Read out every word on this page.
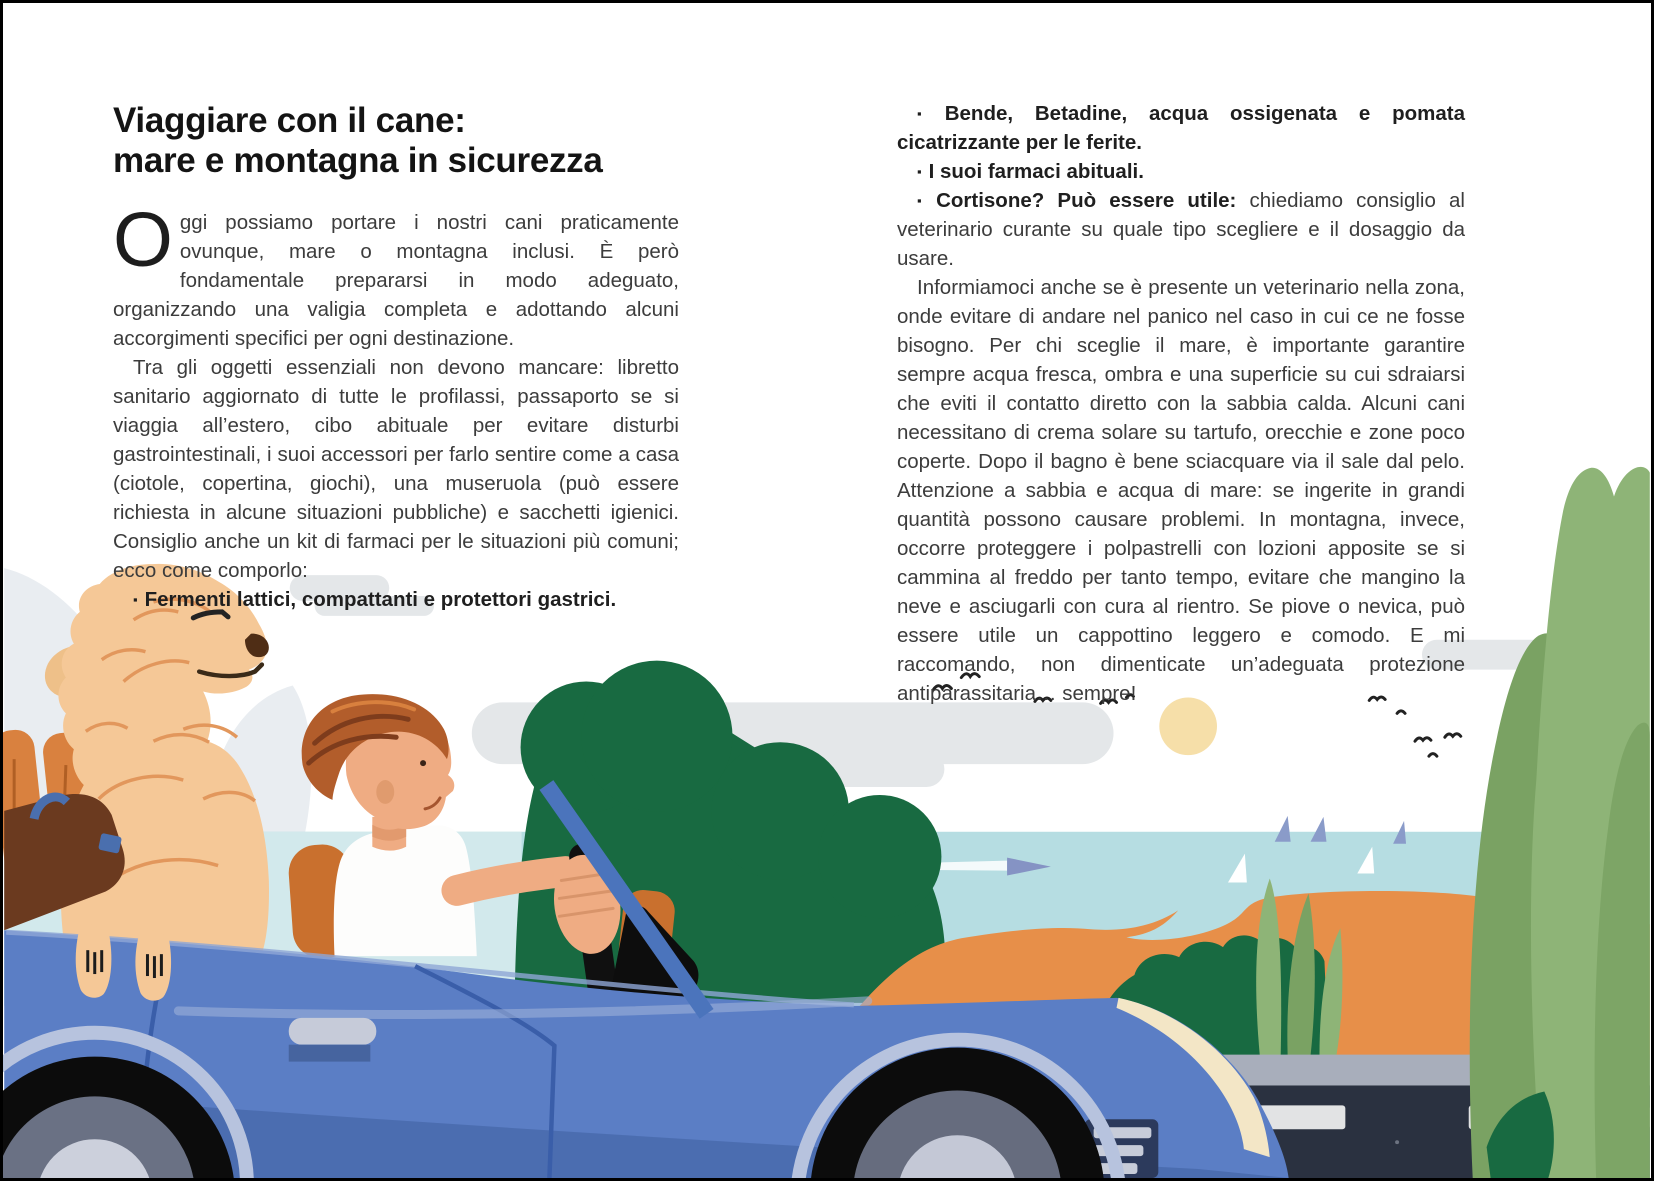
Viaggiare con il cane:
mare e montagna in sicurezza

Oggi possiamo portare i nostri cani praticamente ovunque, mare o montagna inclusi. È però fondamentale prepararsi in modo adeguato, organizzando una valigia completa e adottando alcuni accorgimenti specifici per ogni destinazione.

Tra gli oggetti essenziali non devono mancare: libretto sanitario aggiornato di tutte le profilassi, passaporto se si viaggia all’estero, cibo abituale per evitare disturbi gastrointestinali, i suoi accessori per farlo sentire come a casa (ciotole, copertina, giochi), una museruola (può essere richiesta in alcune situazioni pubbliche) e sacchetti igienici. Consiglio anche un kit di farmaci per le situazioni più comuni; ecco come comporlo:

▪ Fermenti lattici, compattanti e protettori gastrici.

▪ Bende, Betadine, acqua ossigenata e pomata cicatrizzante per le ferite.

▪ I suoi farmaci abituali.

▪ Cortisone? Può essere utile: chiediamo consiglio al veterinario curante su quale tipo scegliere e il dosaggio da usare.

Informiamoci anche se è presente un veterinario nella zona, onde evitare di andare nel panico nel caso in cui ce ne fosse bisogno. Per chi sceglie il mare, è importante garantire sempre acqua fresca, ombra e una superficie su cui sdraiarsi che eviti il contatto diretto con la sabbia calda. Alcuni cani necessitano di crema solare su tartufo, orecchie e zone poco coperte. Dopo il bagno è bene sciacquare via il sale dal pelo. Attenzione a sabbia e acqua di mare: se ingerite in grandi quantità possono causare problemi. In montagna, invece, occorre proteggere i polpastrelli con lozioni apposite se si cammina al freddo per tanto tempo, evitare che mangino la neve e asciugarli con cura al rientro. Se piove o nevica, può essere utile un cappottino leggero e comodo. E mi raccomando, non dimenticate un’adeguata protezione antiparassitaria… sempre!
